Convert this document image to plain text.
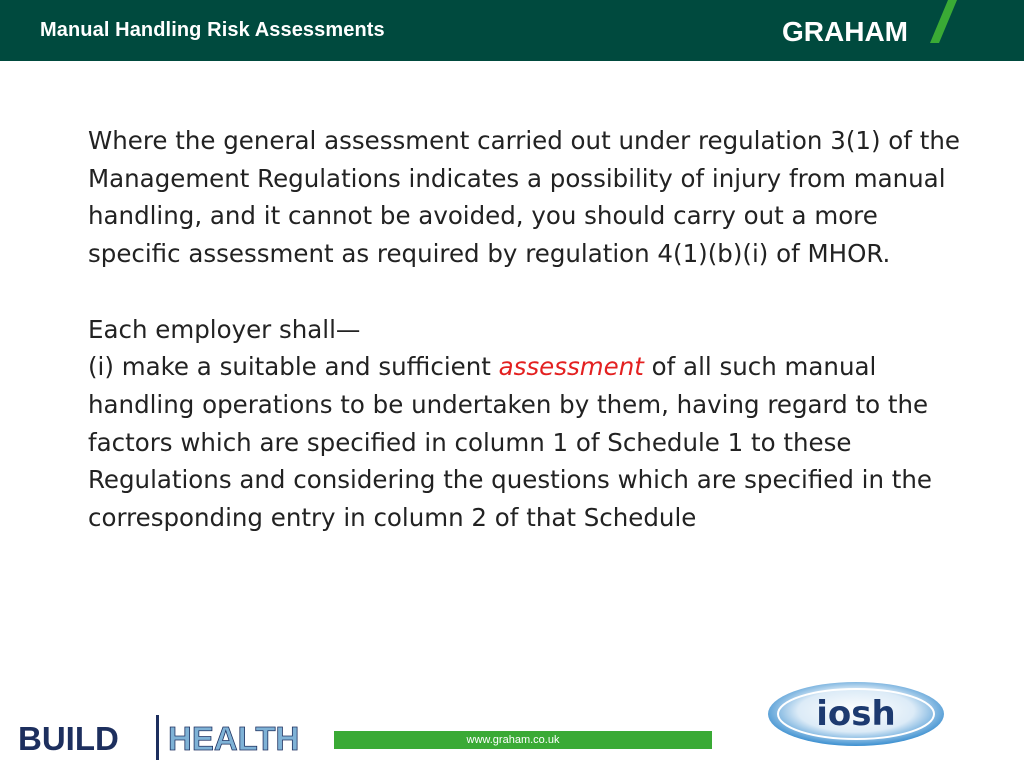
Manual Handling Risk Assessments	GRAHAM

Where the general assessment carried out under regulation 3(1) of the Management Regulations indicates a possibility of injury from manual handling, and it cannot be avoided, you should carry out a more specific assessment as required by regulation 4(1)(b)(i) of MHOR.

Each employer shall—

(i) make a suitable and sufficient assessment of all such manual handling operations to be undertaken by them, having regard to the factors which are specified in column 1 of Schedule 1 to these Regulations and considering the questions which are specified in the corresponding entry in column 2 of that Schedule

BUILD HEALTH	www.graham.co.uk
iosh
